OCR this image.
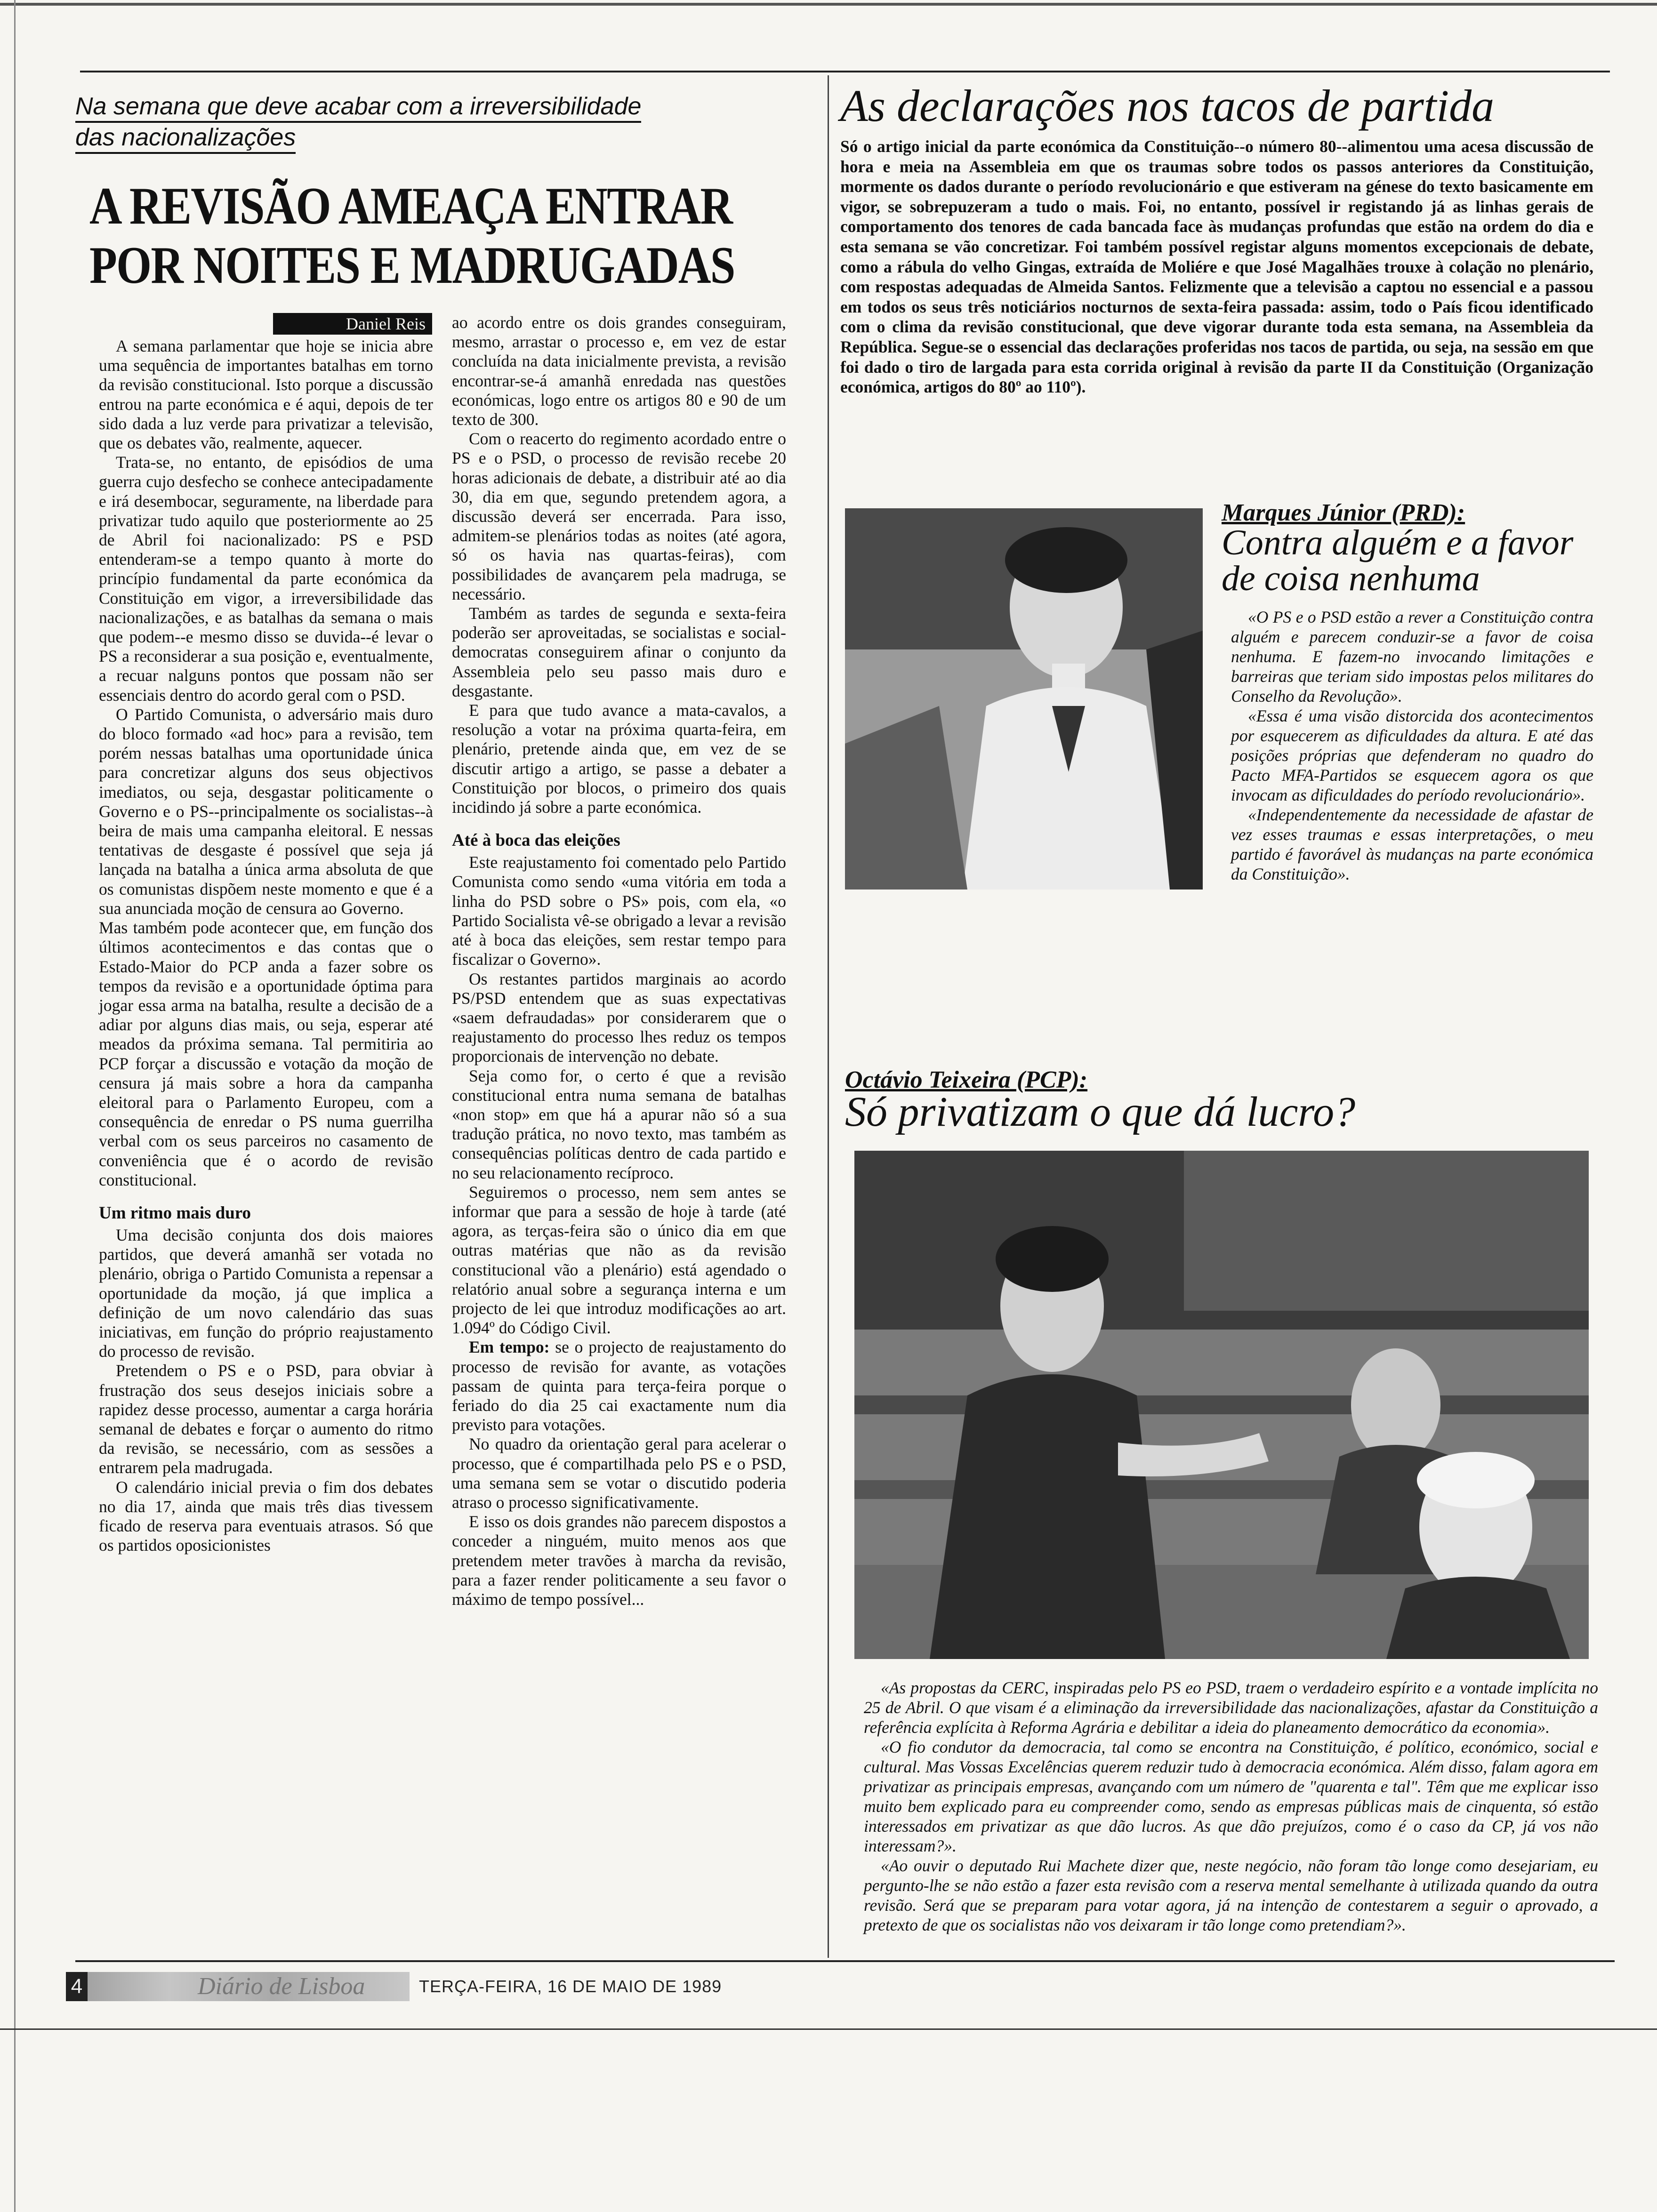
Na semana que deve acabar com a irreversibilidade
das nacionalizações
A REVISÃO AMEAÇA ENTRAR
POR NOITES E MADRUGADAS
Daniel Reis

A semana parlamentar que hoje se inicia abre uma sequência de importantes batalhas em torno da revisão constitucional. Isto porque a discussão entrou na parte económica e é aqui, depois de ter sido dada a luz verde para privatizar a televisão, que os debates vão, realmente, aquecer.

Trata-se, no entanto, de episódios de uma guerra cujo desfecho se conhece antecipadamente e irá desembocar, seguramente, na liberdade para privatizar tudo aquilo que posteriormente ao 25 de Abril foi nacionalizado: PS e PSD entenderam-se a tempo quanto à morte do princípio fundamental da parte económica da Constituição em vigor, a irreversibilidade das nacionalizações, e as batalhas da semana o mais que podem--e mesmo disso se duvida--é levar o PS a reconsiderar a sua posição e, eventualmente, a recuar nalguns pontos que possam não ser essenciais dentro do acordo geral com o PSD.

O Partido Comunista, o adversário mais duro do bloco formado «ad hoc» para a revisão, tem porém nessas batalhas uma oportunidade única para concretizar alguns dos seus objectivos imediatos, ou seja, desgastar politicamente o Governo e o PS--principalmente os socialistas--à beira de mais uma campanha eleitoral. E nessas tentativas de desgaste é possível que seja já lançada na batalha a única arma absoluta de que os comunistas dispõem neste momento e que é a sua anunciada moção de censura ao Governo.

Mas também pode acontecer que, em função dos últimos acontecimentos e das contas que o Estado-Maior do PCP anda a fazer sobre os tempos da revisão e a oportunidade óptima para jogar essa arma na batalha, resulte a decisão de a adiar por alguns dias mais, ou seja, esperar até meados da próxima semana. Tal permitiria ao PCP forçar a discussão e votação da moção de censura já mais sobre a hora da campanha eleitoral para o Parlamento Europeu, com a consequência de enredar o PS numa guerrilha verbal com os seus parceiros no casamento de conveniência que é o acordo de revisão constitucional.

Um ritmo mais duro

Uma decisão conjunta dos dois maiores partidos, que deverá amanhã ser votada no plenário, obriga o Partido Comunista a repensar a oportunidade da moção, já que implica a definição de um novo calendário das suas iniciativas, em função do próprio reajustamento do processo de revisão.

Pretendem o PS e o PSD, para obviar à frustração dos seus desejos iniciais sobre a rapidez desse processo, aumentar a carga horária semanal de debates e forçar o aumento do ritmo da revisão, se necessário, com as sessões a entrarem pela madrugada.

O calendário inicial previa o fim dos debates no dia 17, ainda que mais três dias tivessem ficado de reserva para eventuais atrasos. Só que os partidos oposicionistes

ao acordo entre os dois grandes conseguiram, mesmo, arrastar o processo e, em vez de estar concluída na data inicialmente prevista, a revisão encontrar-se-á amanhã enredada nas questões económicas, logo entre os artigos 80 e 90 de um texto de 300.

Com o reacerto do regimento acordado entre o PS e o PSD, o processo de revisão recebe 20 horas adicionais de debate, a distribuir até ao dia 30, dia em que, segundo pretendem agora, a discussão deverá ser encerrada. Para isso, admitem-se plenários todas as noites (até agora, só os havia nas quartas-feiras), com possibilidades de avançarem pela madruga, se necessário.

Também as tardes de segunda e sexta-feira poderão ser aproveitadas, se socialistas e social-democratas conseguirem afinar o conjunto da Assembleia pelo seu passo mais duro e desgastante.

E para que tudo avance a mata-cavalos, a resolução a votar na próxima quarta-feira, em plenário, pretende ainda que, em vez de se discutir artigo a artigo, se passe a debater a Constituição por blocos, o primeiro dos quais incidindo já sobre a parte económica.

Até à boca das eleições

Este reajustamento foi comentado pelo Partido Comunista como sendo «uma vitória em toda a linha do PSD sobre o PS» pois, com ela, «o Partido Socialista vê-se obrigado a levar a revisão até à boca das eleições, sem restar tempo para fiscalizar o Governo».

Os restantes partidos marginais ao acordo PS/PSD entendem que as suas expectativas «saem defraudadas» por considerarem que o reajustamento do processo lhes reduz os tempos proporcionais de intervenção no debate.

Seja como for, o certo é que a revisão constitucional entra numa semana de batalhas «non stop» em que há a apurar não só a sua tradução prática, no novo texto, mas também as consequências políticas dentro de cada partido e no seu relacionamento recíproco.

Seguiremos o processo, nem sem antes se informar que para a sessão de hoje à tarde (até agora, as terças-feira são o único dia em que outras matérias que não as da revisão constitucional vão a plenário) está agendado o relatório anual sobre a segurança interna e um projecto de lei que introduz modificações ao art. 1.094º do Código Civil.

Em tempo: se o projecto de reajustamento do processo de revisão for avante, as votações passam de quinta para terça-feira porque o feriado do dia 25 cai exactamente num dia previsto para votações.

No quadro da orientação geral para acelerar o processo, que é compartilhada pelo PS e o PSD, uma semana sem se votar o discutido poderia atraso o processo significativamente.

E isso os dois grandes não parecem dispostos a conceder a ninguém, muito menos aos que pretendem meter travões à marcha da revisão, para a fazer render politicamente a seu favor o máximo de tempo possível...

As declarações nos tacos de partida
Só o artigo inicial da parte económica da Constituição--o número 80--alimentou uma acesa discussão de hora e meia na Assembleia em que os traumas sobre todos os passos anteriores da Constituição, mormente os dados durante o período revolucionário e que estiveram na génese do texto basicamente em vigor, se sobrepuzeram a tudo o mais. Foi, no entanto, possível ir registando já as linhas gerais de comportamento dos tenores de cada bancada face às mudanças profundas que estão na ordem do dia e esta semana se vão concretizar. Foi também possível registar alguns momentos excepcionais de debate, como a rábula do velho Gingas, extraída de Moliére e que José Magalhães trouxe à colação no plenário, com respostas adequadas de Almeida Santos. Felizmente que a televisão a captou no essencial e a passou em todos os seus três noticiários nocturnos de sexta-feira passada: assim, todo o País ficou identificado com o clima da revisão constitucional, que deve vigorar durante toda esta semana, na Assembleia da República. Segue-se o essencial das declarações proferidas nos tacos de partida, ou seja, na sessão em que foi dado o tiro de largada para esta corrida original à revisão da parte II da Constituição (Organização económica, artigos do 80º ao 110º).
Marques Júnior (PRD):
Contra alguém e a favor
de coisa nenhuma

«O PS e o PSD estão a rever a Constituição contra alguém e parecem conduzir-se a favor de coisa nenhuma. E fazem-no invocando limitações e barreiras que teriam sido impostas pelos militares do Conselho da Revolução».

«Essa é uma visão distorcida dos acontecimentos por esquecerem as dificuldades da altura. E até das posições próprias que defenderam no quadro do Pacto MFA-Partidos se esquecem agora os que invocam as dificuldades do período revolucionário».

«Independentemente da necessidade de afastar de vez esses traumas e essas interpretações, o meu partido é favorável às mudanças na parte económica da Constituição».

Octávio Teixeira (PCP):
Só privatizam o que dá lucro?

«As propostas da CERC, inspiradas pelo PS eo PSD, traem o verdadeiro espírito e a vontade implícita no 25 de Abril. O que visam é a eliminação da irreversibilidade das nacionalizações, afastar da Constituição a referência explícita à Reforma Agrária e debilitar a ideia do planeamento democrático da economia».

«O fio condutor da democracia, tal como se encontra na Constituição, é político, económico, social e cultural. Mas Vossas Excelências querem reduzir tudo à democracia económica. Além disso, falam agora em privatizar as principais empresas, avançando com um número de "quarenta e tal". Têm que me explicar isso muito bem explicado para eu compreender como, sendo as empresas públicas mais de cinquenta, só estão interessados em privatizar as que dão lucros. As que dão prejuízos, como é o caso da CP, já vos não interessam?».

«Ao ouvir o deputado Rui Machete dizer que, neste negócio, não foram tão longe como desejariam, eu pergunto-lhe se não estão a fazer esta revisão com a reserva mental semelhante à utilizada quando da outra revisão. Será que se preparam para votar agora, já na intenção de contestarem a seguir o aprovado, a pretexto de que os socialistas não vos deixaram ir tão longe como pretendiam?».

4	Diário de Lisboa	TERÇA-FEIRA, 16 DE MAIO DE 1989
